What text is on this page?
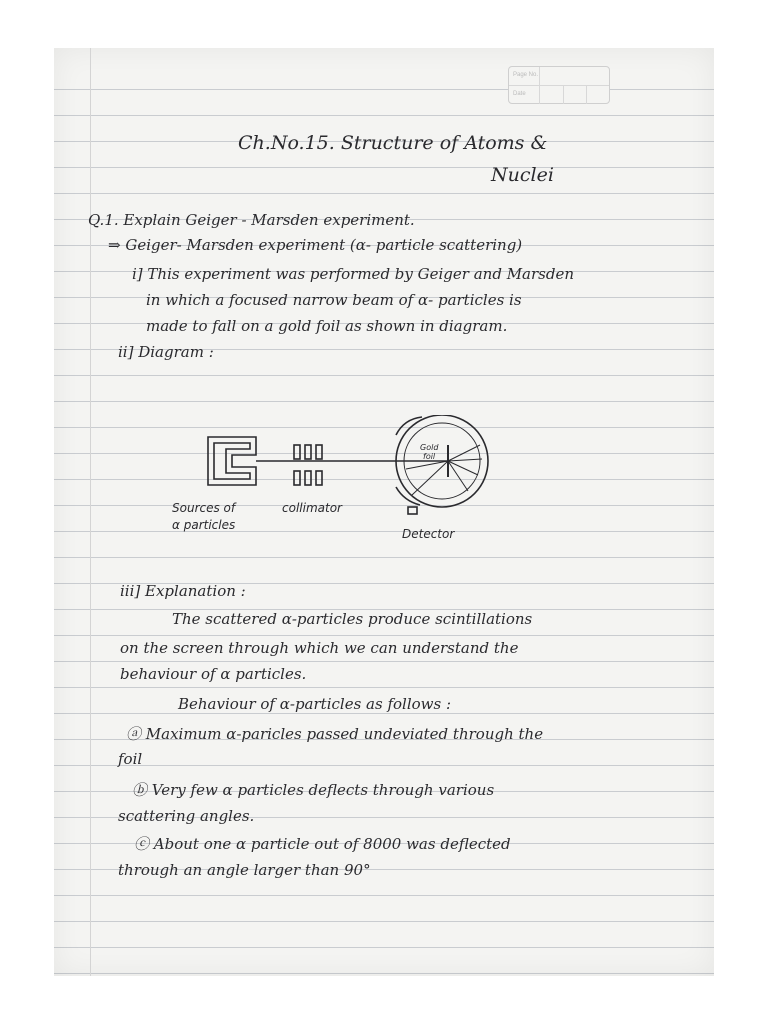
Page No.
Date
Ch.No.15. Structure of Atoms &
Nuclei
Q.1. Explain Geiger - Marsden experiment.
⇒ Geiger- Marsden experiment (α- particle scattering)
i] This experiment was performed by Geiger and Marsden
in which a focused narrow beam of α- particles is
made to fall on a gold foil as shown in diagram.
ii] Diagram :
iii] Explanation :
The scattered α-particles produce scintillations
on the screen through which we can understand the
behaviour of α particles.
Behaviour of α-particles as follows :
ⓐ Maximum α-paricles passed undeviated through the
foil
ⓑ Very few α particles deflects through various
scattering angles.
ⓒ About one α particle out of 8000 was deflected
through an angle larger than 90°
Sources of
α particles
collimator
Gold
foil
Detector
